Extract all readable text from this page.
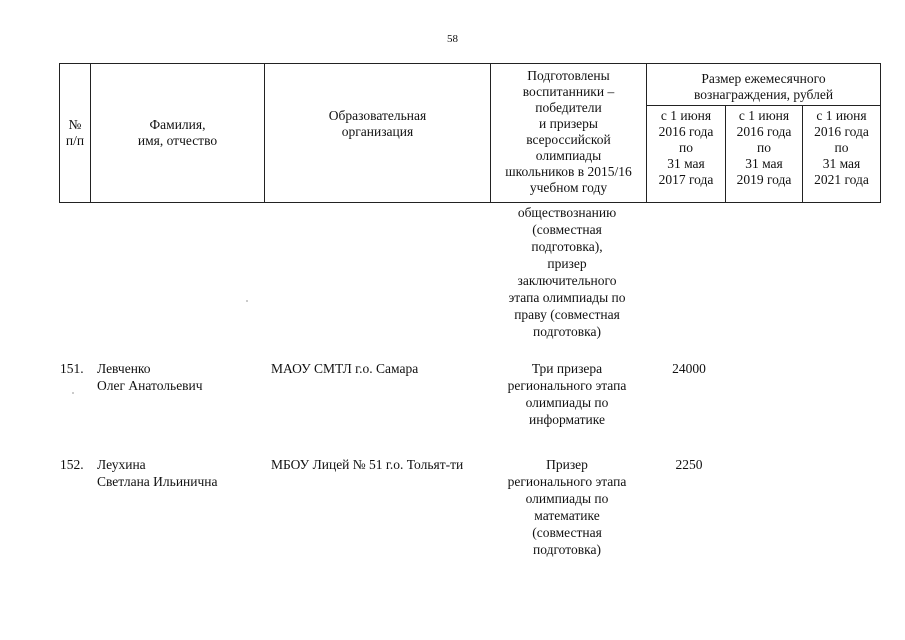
58
№
п/п
Фамилия,
имя, отчество
Образовательная
организация
Подготовлены
воспитанники –
победители
и призеры
всероссийской
олимпиады
школьников в 2015/16
учебном году
Размер ежемесячного
вознаграждения, рублей
с 1 июня
2016 года
по
31 мая
2017 года
с 1 июня
2016 года
по
31 мая
2019 года
с 1 июня
2016 года
по
31 мая
2021 года
обществознанию
(совместная
подготовка),
призер
заключительного
этапа олимпиады по
праву (совместная
подготовка)
151. Левченко
Олег Анатольевич
МАОУ СМТЛ г.о. Самара	Три призера
регионального этапа
олимпиады по
информатике
24000
152. Леухина
Светлана Ильинична
МБОУ Лицей № 51 г.о. Тольят-ти	Призер
регионального этапа
олимпиады по
математике
(совместная
подготовка)
2250
